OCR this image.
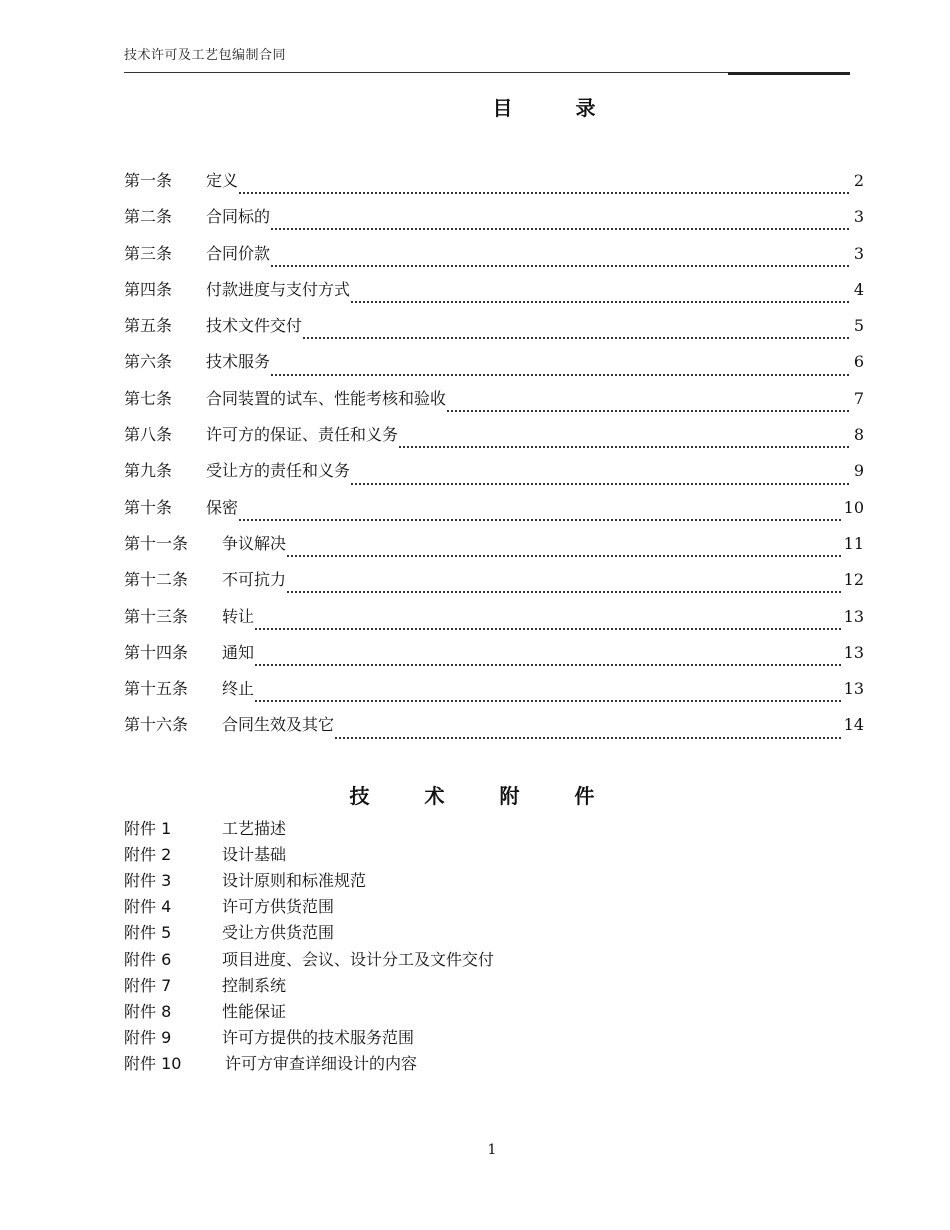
技术许可及工艺包编制合同
目 录
第一条	定义	2
第二条	合同标的	3
第三条	合同价款	3
第四条	付款进度与支付方式	4
第五条	技术文件交付	5
第六条	技术服务	6
第七条	合同装置的试车、性能考核和验收	7
第八条	许可方的保证、责任和义务	8
第九条	受让方的责任和义务	9
第十条	保密	10
第十一条	争议解决	11
第十二条	不可抗力	12
第十三条	转让	13
第十四条	通知	13
第十五条	终止	13
第十六条	合同生效及其它	14
技 术 附 件
附件 1	工艺描述
附件 2	设计基础
附件 3	设计原则和标准规范
附件 4	许可方供货范围
附件 5	受让方供货范围
附件 6	项目进度、会议、设计分工及文件交付
附件 7	控制系统
附件 8	性能保证
附件 9	许可方提供的技术服务范围
附件 10	许可方审查详细设计的内容
1
